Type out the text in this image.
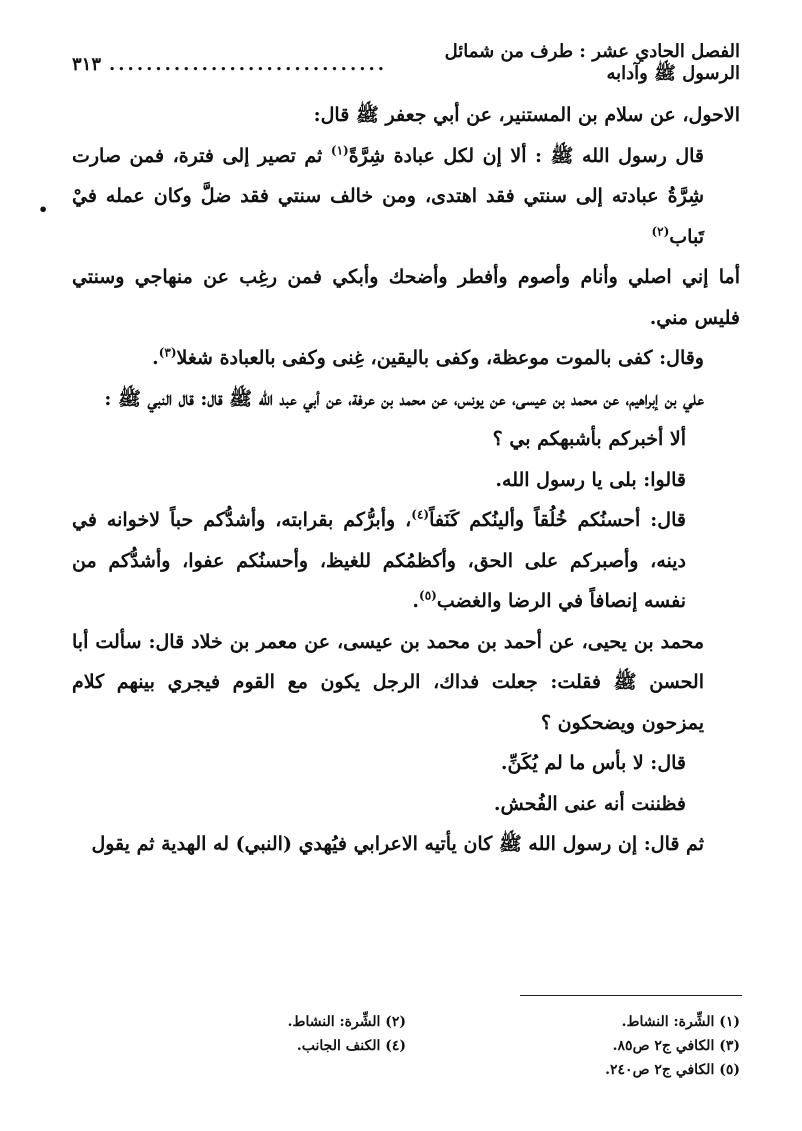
الفصل الحادي عشر : طرف من شمائل الرسول ﷺ وآدابه
..............................
٣١٣
•

الاحول، عن سلام بن المستنير، عن أبي جعفر ﷺ قال:

قال رسول الله ﷺ : ألا إن لكل عبادة شِرَّةً$^{(١)}$ ثم تصير إلى فترة، فمن صارت شِرَّةُ عبادته إلى سنتي فقد اهتدى، ومن خالف سنتي فقد ضلَّ وكان عمله فيْ تَباب$^{(٢)}$

أما إني اصلي وأنام وأصوم وأفطر وأضحك وأبكي فمن رغِب عن منهاجي وسنتي فليس مني.

وقال: كفى بالموت موعظة، وكفى باليقين، غِنى وكفى بالعبادة شغلا$^{(٣)}$.

علي بن إبراهيم، عن محمد بن عيسى، عن يونس، عن محمد بن عرفة، عن أبي عبد الله ﷺ قال: قال النبي ﷺ :

ألا أخبركم بأشبهكم بي ؟

قالوا: بلى يا رسول الله.

قال: أحسنُكم خُلُقاً وألينُكم كَنَفاً$^{(٤)}$، وأبرُّكم بقرابته، وأشدُّكم حباً لاخوانه في دينه، وأصبركم على الحق، وأكظمُكم للغيظ، وأحسنُكم عفوا، وأشدُّكم من نفسه إنصافاً في الرضا والغضب$^{(٥)}$.

محمد بن يحيى، عن أحمد بن محمد بن عيسى، عن معمر بن خلاد قال: سألت أبا الحسن ﷺ فقلت: جعلت فداك، الرجل يكون مع القوم فيجري بينهم كلام يمزحون ويضحكون ؟

قال: لا بأس ما لم يُكَنِّ.

فظننت أنه عنى الفُحش.

ثم قال: إن رسول الله ﷺ كان يأتيه الاعرابي فيُهدي (النبي) له الهدية ثم يقول

(١) الشِّرة: النشاط.
(٢) الشِّرة: النشاط.
(٣) الكافي ج٢ ص٨٥.
(٤) الكنف الجانب.
(٥) الكافي ج٢ ص٢٤٠.
